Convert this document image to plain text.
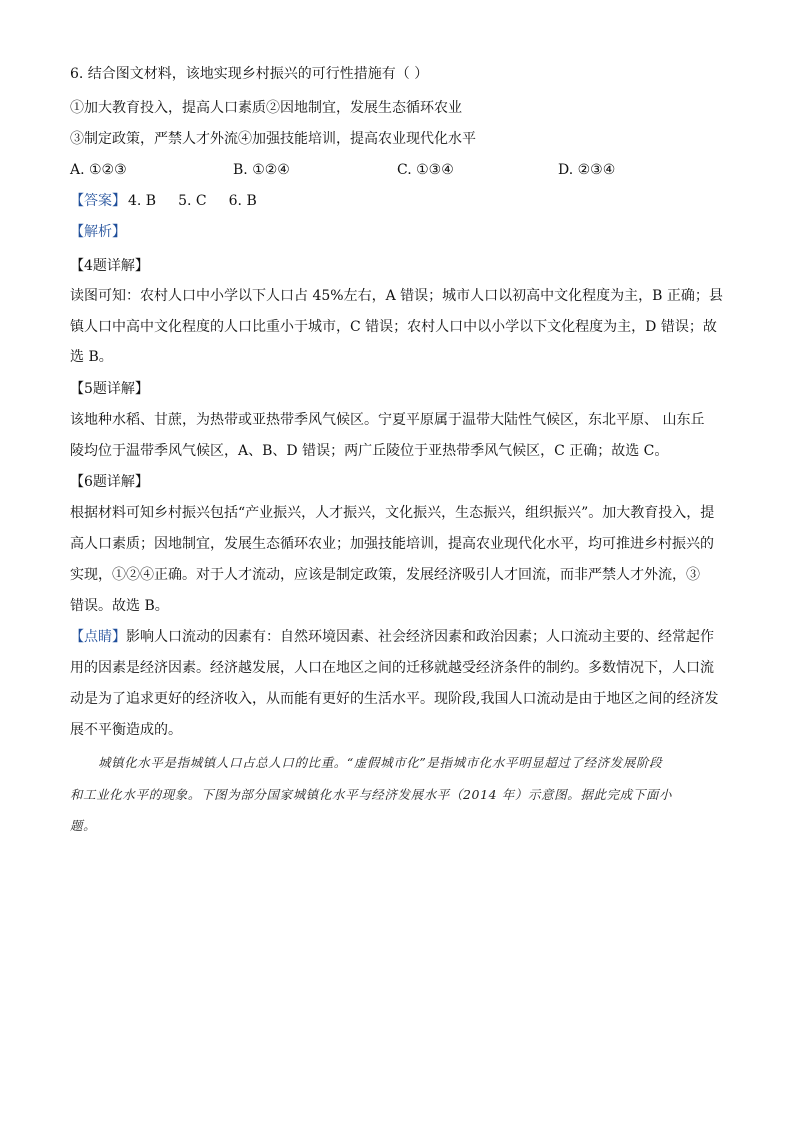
6. 结合图文材料，该地实现乡村振兴的可行性措施有（ ）
①加大教育投入，提高人口素质②因地制宜，发展生态循环农业
③制定政策，严禁人才外流④加强技能培训，提高农业现代化水平
A. ①②③	B. ①②④	C. ①③④	D. ②③④
【答案】 4. B 5. C 6. B
【解析】
【4题详解】
读图可知：农村人口中小学以下人口占 45%左右，A 错误；城市人口以初高中文化程度为主，B 正确；县
镇人口中高中文化程度的人口比重小于城市，C 错误；农村人口中以小学以下文化程度为主，D 错误；故
选 B。
【5题详解】
该地种水稻、甘蔗，为热带或亚热带季风气候区。宁夏平原属于温带大陆性气候区，东北平原、 山东丘
陵均位于温带季风气候区，A、B、D 错误；两广丘陵位于亚热带季风气候区，C 正确；故选 C。
【6题详解】
根据材料可知乡村振兴包括“产业振兴，人才振兴，文化振兴，生态振兴，组织振兴”。加大教育投入，提
高人口素质；因地制宜，发展生态循环农业；加强技能培训，提高农业现代化水平，均可推进乡村振兴的
实现，①②④正确。对于人才流动，应该是制定政策，发展经济吸引人才回流，而非严禁人才外流，③
错误。故选 B。
【点睛】影响人口流动的因素有：自然环境因素、社会经济因素和政治因素；人口流动主要的、经常起作
用的因素是经济因素。经济越发展，人口在地区之间的迁移就越受经济条件的制约。多数情况下，人口流
动是为了追求更好的经济收入，从而能有更好的生活水平。现阶段,我国人口流动是由于地区之间的经济发
展不平衡造成的。
城镇化水平是指城镇人口占总人口的比重。“虚假城市化”是指城市化水平明显超过了经济发展阶段
和工业化水平的现象。下图为部分国家城镇化水平与经济发展水平（2014 年）示意图。据此完成下面小
题。
